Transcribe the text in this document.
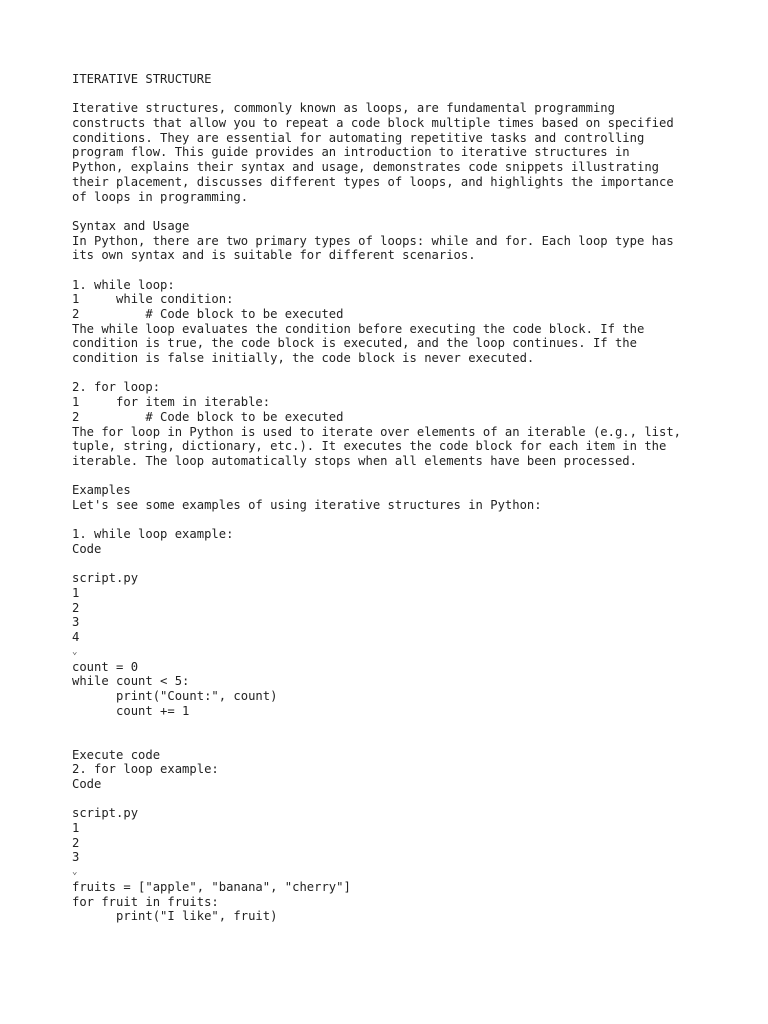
ITERATIVE STRUCTURE
Iterative structures, commonly known as loops, are fundamental programming
constructs that allow you to repeat a code block multiple times based on specified
conditions. They are essential for automating repetitive tasks and controlling
program flow. This guide provides an introduction to iterative structures in
Python, explains their syntax and usage, demonstrates code snippets illustrating
their placement, discusses different types of loops, and highlights the importance
of loops in programming.
Syntax and Usage
In Python, there are two primary types of loops: while and for. Each loop type has
its own syntax and is suitable for different scenarios.
1. while loop:
1     while condition:
2         # Code block to be executed
The while loop evaluates the condition before executing the code block. If the
condition is true, the code block is executed, and the loop continues. If the
condition is false initially, the code block is never executed.
2. for loop:
1     for item in iterable:
2         # Code block to be executed
The for loop in Python is used to iterate over elements of an iterable (e.g., list,
tuple, string, dictionary, etc.). It executes the code block for each item in the
iterable. The loop automatically stops when all elements have been processed.
Examples
Let's see some examples of using iterative structures in Python:
1. while loop example:
Code
script.py
1
2
3
4
⌄
count = 0
while count < 5:
print("Count:", count)
count += 1
Execute code
2. for loop example:
Code
script.py
1
2
3
⌄
fruits = ["apple", "banana", "cherry"]
for fruit in fruits:
print("I like", fruit)
